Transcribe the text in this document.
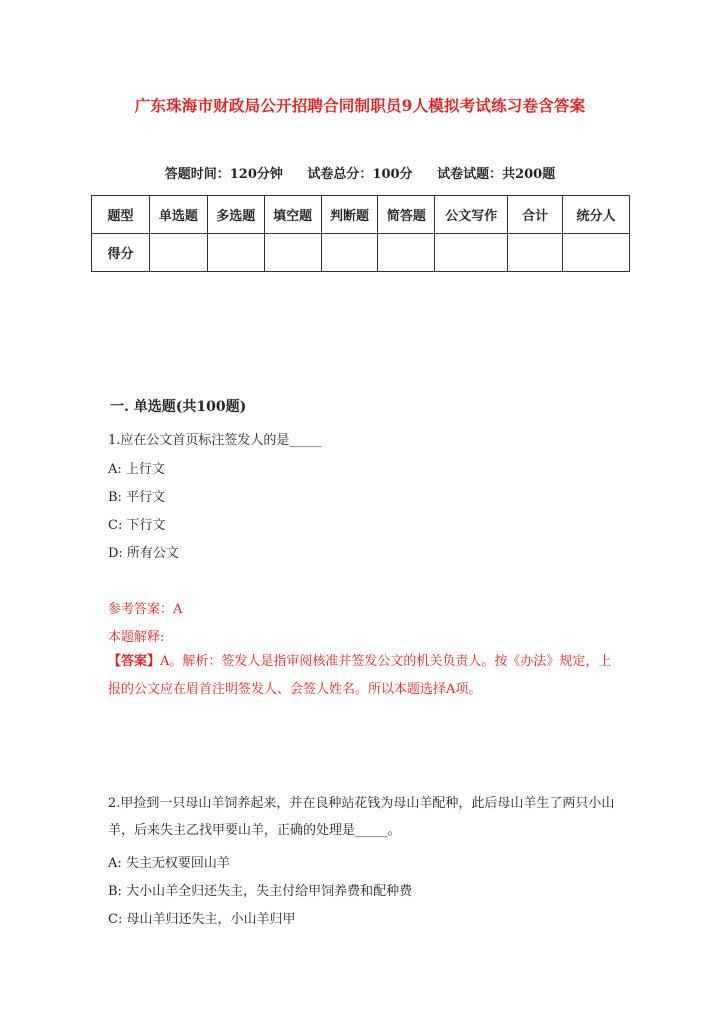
广东珠海市财政局公开招聘合同制职员9人模拟考试练习卷含答案
答题时间：120分钟 试卷总分：100分 试卷试题：共200题
题型	单选题	多选题	填空题	判断题	简答题	公文写作	合计	统分人
得分								
一. 单选题(共100题)
1.应在公文首页标注签发人的是_____
A: 上行文
B: 平行文
C: 下行文
D: 所有公文
参考答案：A
本题解释:
【答案】A。解析：签发人是指审阅核准并签发公文的机关负责人。按《办法》规定，上报的公文应在眉首注明签发人、会签人姓名。所以本题选择A项。
2.甲捡到一只母山羊饲养起来，并在良种站花钱为母山羊配种，此后母山羊生了两只小山羊，后来失主乙找甲要山羊，正确的处理是_____。
A: 失主无权要回山羊
B: 大小山羊全归还失主，失主付给甲饲养费和配种费
C: 母山羊归还失主，小山羊归甲
